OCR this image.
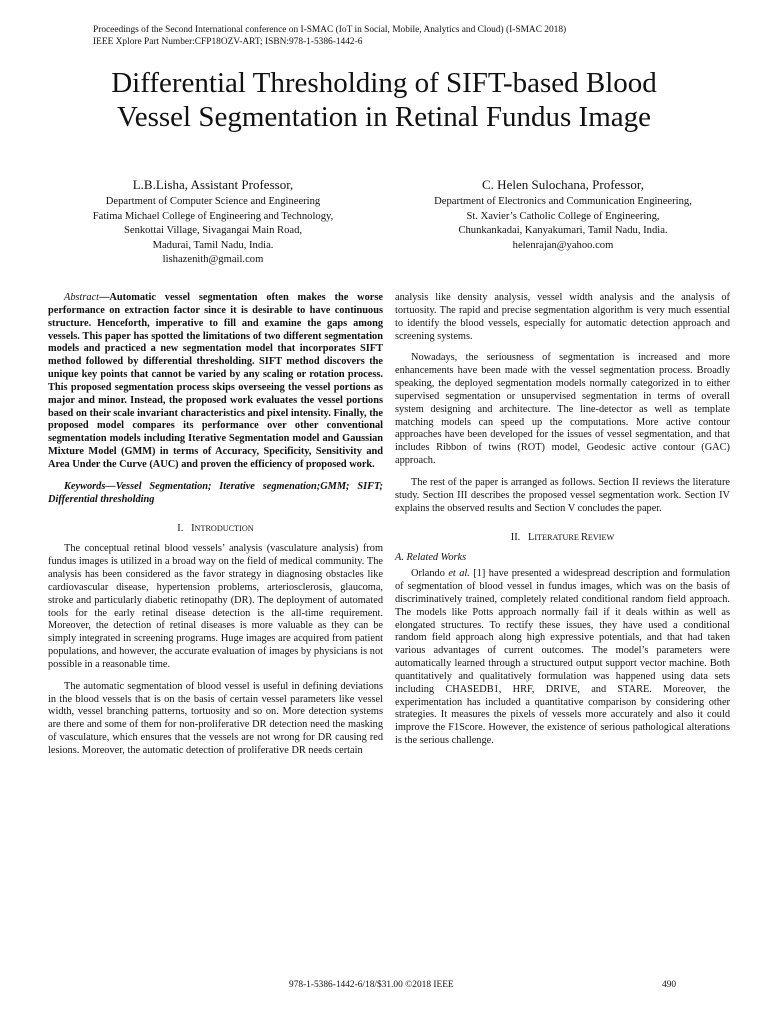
Proceedings of the Second International conference on I-SMAC (IoT in Social, Mobile, Analytics and Cloud) (I-SMAC 2018)
IEEE Xplore Part Number:CFP18OZV-ART; ISBN:978-1-5386-1442-6
Differential Thresholding of SIFT-based Blood
Vessel Segmentation in Retinal Fundus Image
L.B.Lisha, Assistant Professor,
Department of Computer Science and Engineering
Fatima Michael College of Engineering and Technology,
Senkottai Village, Sivagangai Main Road,
Madurai, Tamil Nadu, India.
lishazenith@gmail.com
C. Helen Sulochana, Professor,
Department of Electronics and Communication Engineering,
St. Xavier’s Catholic College of Engineering,
Chunkankadai, Kanyakumari, Tamil Nadu, India.
helenrajan@yahoo.com

Abstract—Automatic vessel segmentation often makes the worse performance on extraction factor since it is desirable to have continuous structure. Henceforth, imperative to fill and examine the gaps among vessels. This paper has spotted the limitations of two different segmentation models and practiced a new segmentation model that incorporates SIFT method followed by differential thresholding. SIFT method discovers the unique key points that cannot be varied by any scaling or rotation process. This proposed segmentation process skips overseeing the vessel portions as major and minor. Instead, the proposed work evaluates the vessel portions based on their scale invariant characteristics and pixel intensity. Finally, the proposed model compares its performance over other conventional segmentation models including Iterative Segmentation model and Gaussian Mixture Model (GMM) in terms of Accuracy, Specificity, Sensitivity and Area Under the Curve (AUC) and proven the efficiency of proposed work.

Keywords—Vessel Segmentation; Iterative segmenation;GMM; SIFT; Differential thresholding

I. INTRODUCTION

The conceptual retinal blood vessels’ analysis (vasculature analysis) from fundus images is utilized in a broad way on the field of medical community. The analysis has been considered as the favor strategy in diagnosing obstacles like cardiovascular disease, hypertension problems, arteriosclerosis, glaucoma, stroke and particularly diabetic retinopathy (DR). The deployment of automated tools for the early retinal disease detection is the all-time requirement. Moreover, the detection of retinal diseases is more valuable as they can be simply integrated in screening programs. Huge images are acquired from patient populations, and however, the accurate evaluation of images by physicians is not possible in a reasonable time.

The automatic segmentation of blood vessel is useful in defining deviations in the blood vessels that is on the basis of certain vessel parameters like vessel width, vessel branching patterns, tortuosity and so on. More detection systems are there and some of them for non-proliferative DR detection need the masking of vasculature, which ensures that the vessels are not wrong for DR causing red lesions. Moreover, the automatic detection of proliferative DR needs certain

analysis like density analysis, vessel width analysis and the analysis of tortuosity. The rapid and precise segmentation algorithm is very much essential to identify the blood vessels, especially for automatic detection approach and screening systems.

Nowadays, the seriousness of segmentation is increased and more enhancements have been made with the vessel segmentation process. Broadly speaking, the deployed segmentation models normally categorized in to either supervised segmentation or unsupervised segmentation in terms of overall system designing and architecture. The line-detector as well as template matching models can speed up the computations. More active contour approaches have been developed for the issues of vessel segmentation, and that includes Ribbon of twins (ROT) model, Geodesic active contour (GAC) approach.

The rest of the paper is arranged as follows. Section II reviews the literature study. Section III describes the proposed vessel segmentation work. Section IV explains the observed results and Section V concludes the paper.

II. LITERATURE REVIEW
A. Related Works

Orlando et al. [1] have presented a widespread description and formulation of segmentation of blood vessel in fundus images, which was on the basis of discriminatively trained, completely related conditional random field approach. The models like Potts approach normally fail if it deals within as well as elongated structures. To rectify these issues, they have used a conditional random field approach along high expressive potentials, and that had taken various advantages of current outcomes. The model’s parameters were automatically learned through a structured output support vector machine. Both quantitatively and qualitatively formulation was happened using data sets including CHASEDB1, HRF, DRIVE, and STARE. Moreover, the experimentation has included a quantitative comparison by considering other strategies. It measures the pixels of vessels more accurately and also it could improve the F1Score. However, the existence of serious pathological alterations is the serious challenge.

978-1-5386-1442-6/18/$31.00 ©2018 IEEE	490
